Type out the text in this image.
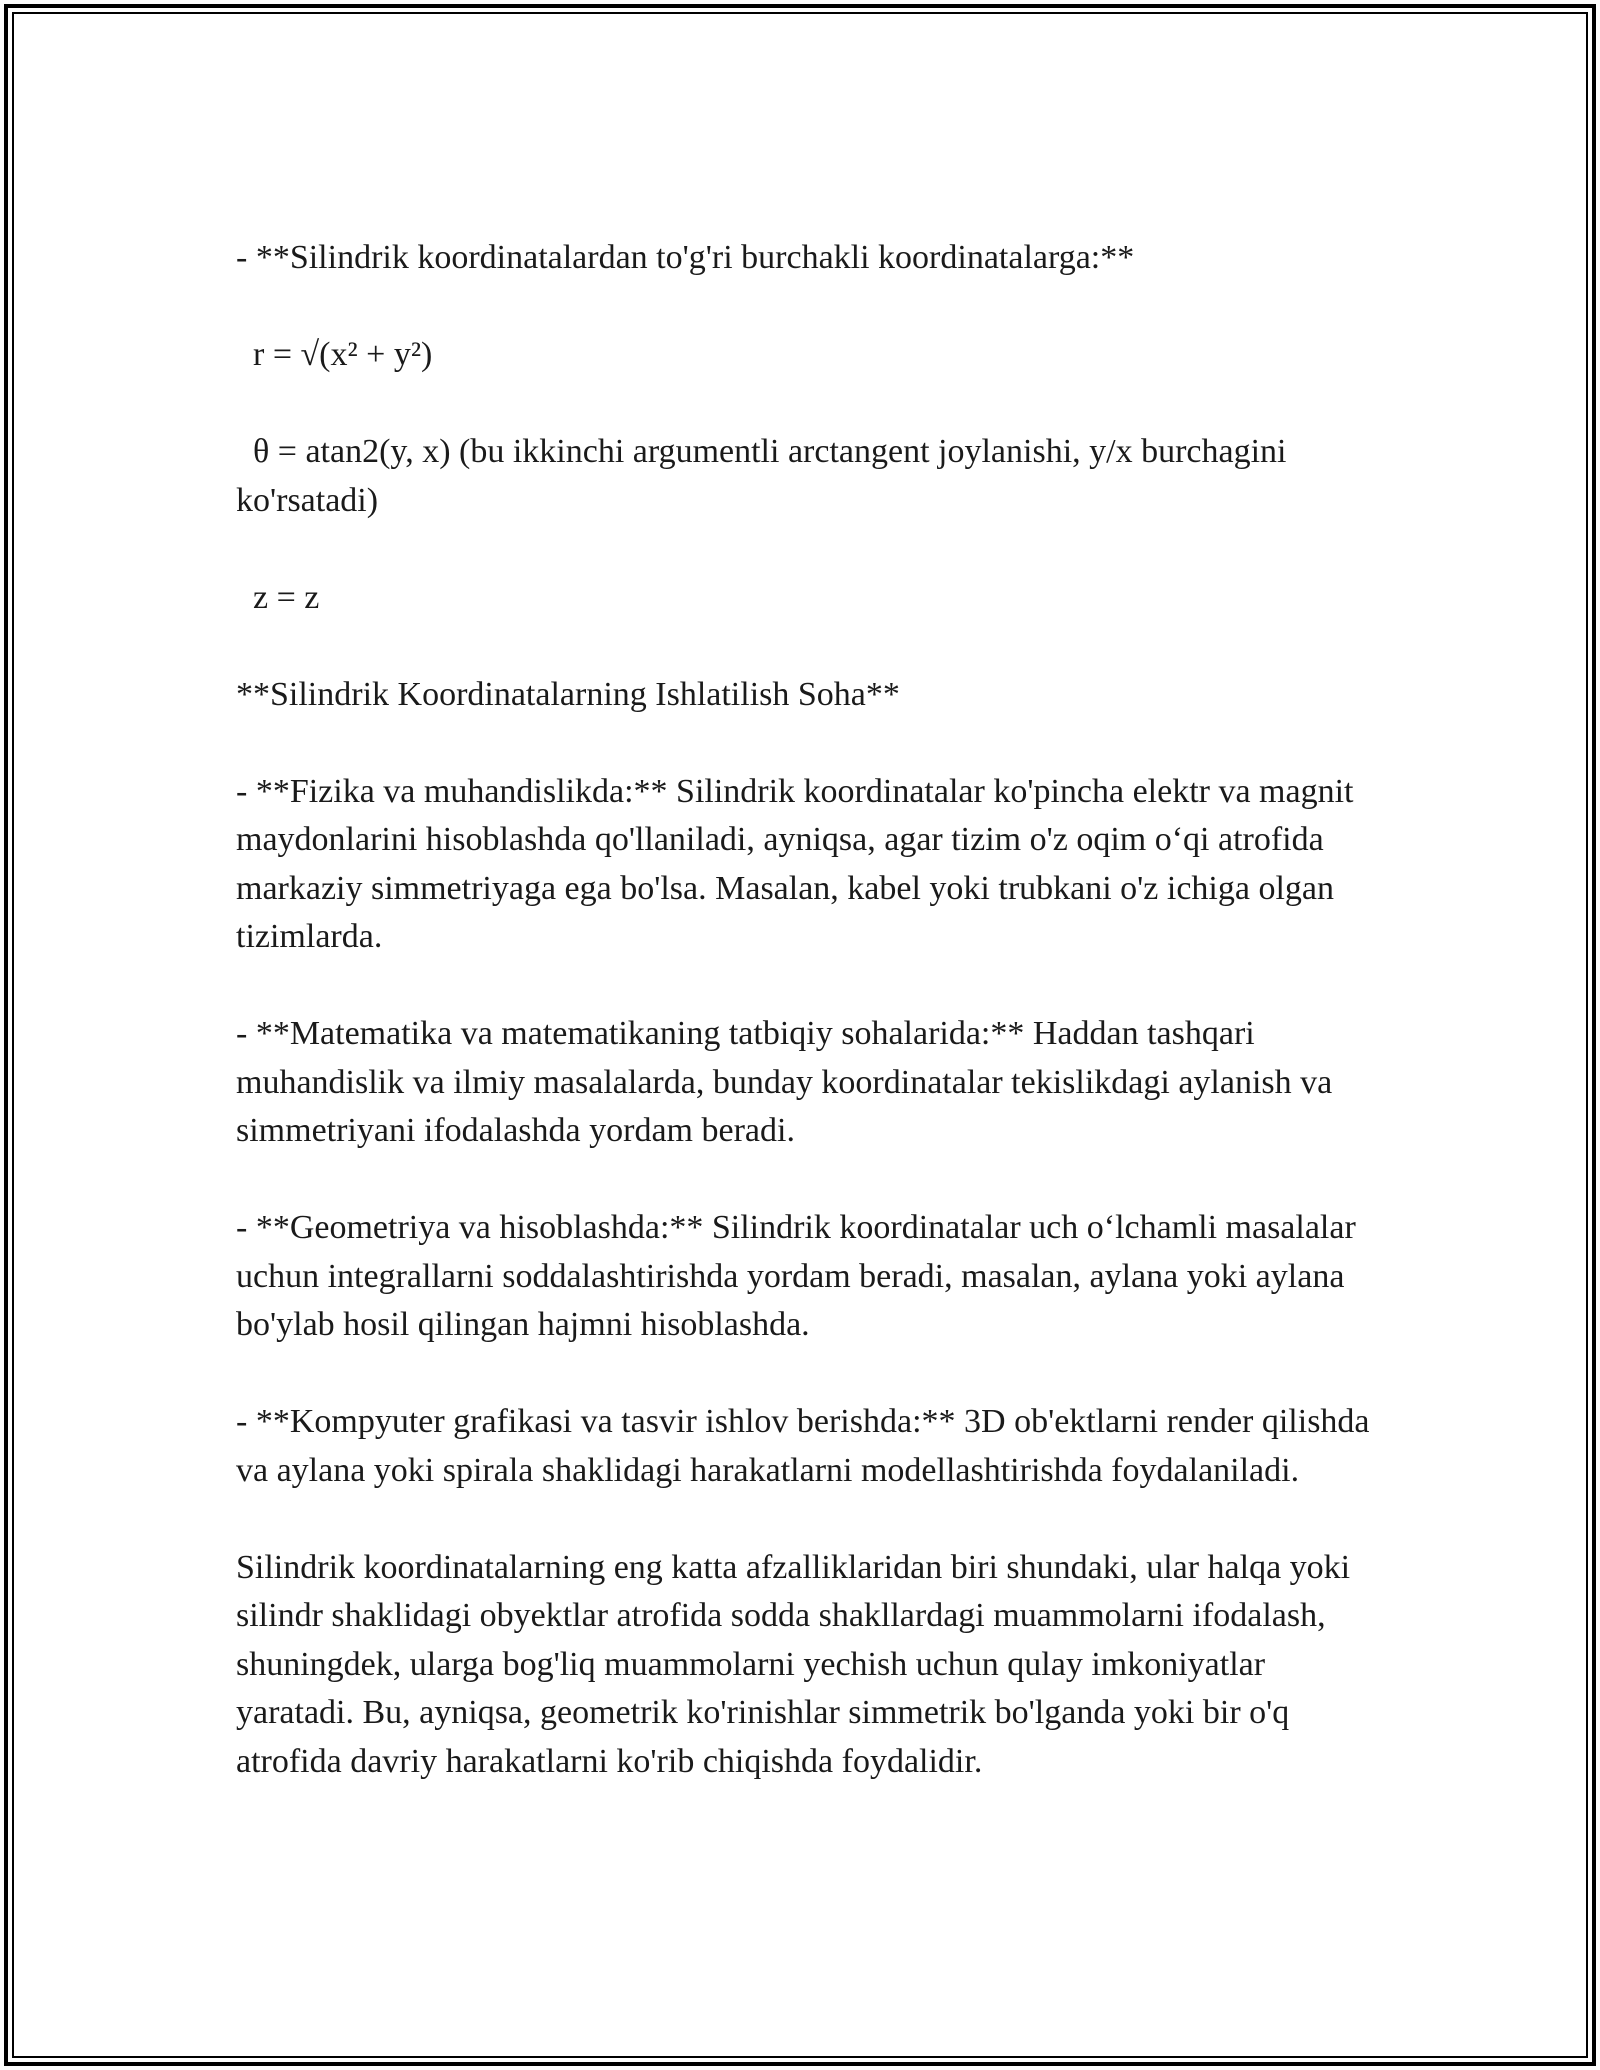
- **Silindrik koordinatalardan to'g'ri burchakli koordinatalarga:**

r = √(x² + y²)

θ = atan2(y, x) (bu ikkinchi argumentli arctangent joylanishi, y/x burchagini ko'rsatadi)

z = z

**Silindrik Koordinatalarning Ishlatilish Soha**

- **Fizika va muhandislikda:** Silindrik koordinatalar ko'pincha elektr va magnit maydonlarini hisoblashda qo'llaniladi, ayniqsa, agar tizim o'z oqim o‘qi atrofida markaziy simmetriyaga ega bo'lsa. Masalan, kabel yoki trubkani o'z ichiga olgan tizimlarda.

- **Matematika va matematikaning tatbiqiy sohalarida:** Haddan tashqari muhandislik va ilmiy masalalarda, bunday koordinatalar tekislikdagi aylanish va simmetriyani ifodalashda yordam beradi.

- **Geometriya va hisoblashda:** Silindrik koordinatalar uch o‘lchamli masalalar uchun integrallarni soddalashtirishda yordam beradi, masalan, aylana yoki aylana bo'ylab hosil qilingan hajmni hisoblashda.

- **Kompyuter grafikasi va tasvir ishlov berishda:** 3D ob'ektlarni render qilishda va aylana yoki spirala shaklidagi harakatlarni modellashtirishda foydalaniladi.

Silindrik koordinatalarning eng katta afzalliklaridan biri shundaki, ular halqa yoki silindr shaklidagi obyektlar atrofida sodda shakllardagi muammolarni ifodalash, shuningdek, ularga bog'liq muammolarni yechish uchun qulay imkoniyatlar yaratadi. Bu, ayniqsa, geometrik ko'rinishlar simmetrik bo'lganda yoki bir o'q atrofida davriy harakatlarni ko'rib chiqishda foydalidir.
